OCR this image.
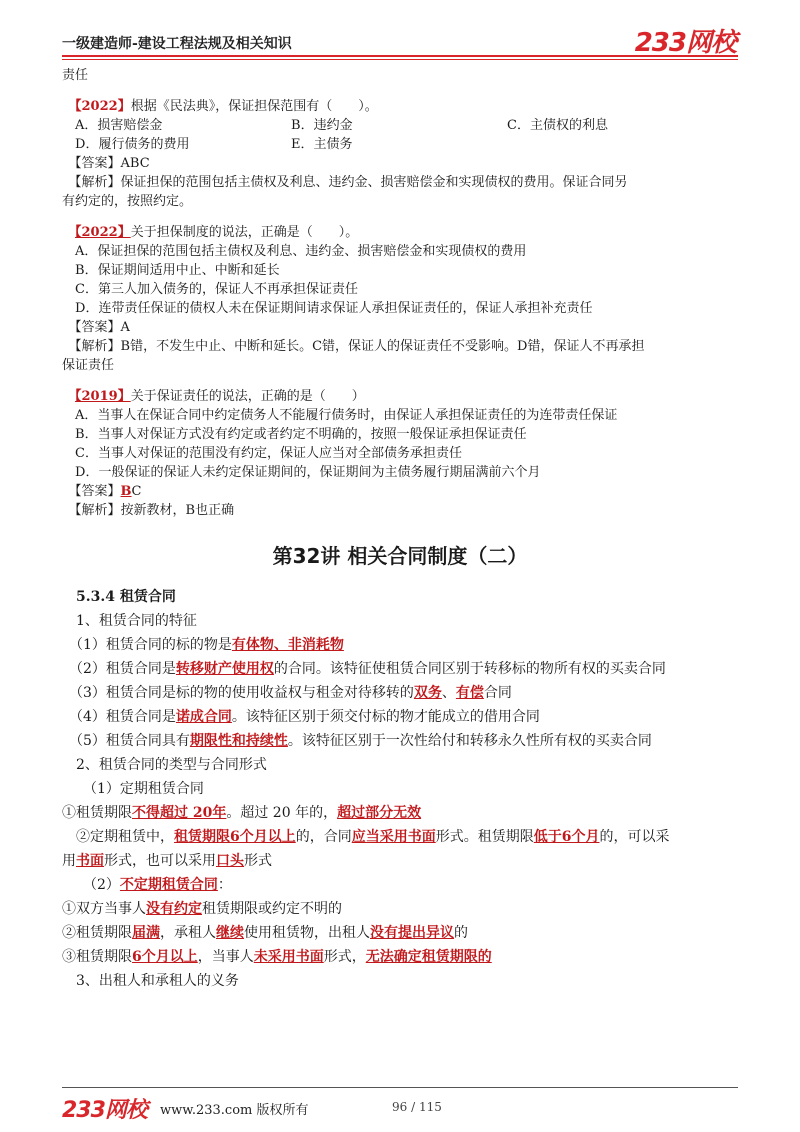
一级建造师-建设工程法规及相关知识	233网校
责任
　【2022】根据《民法典》，保证担保范围有（　　）。

A．损害赔偿金	B．违约金	C．主债权的利息

D．履行债务的费用	E．主债务
　【答案】ABC
　【解析】保证担保的范围包括主债权及利息、违约金、损害赔偿金和实现债权的费用。保证合同另
有约定的，按照约定。
　【2022】关于担保制度的说法，正确是（　　）。
　A．保证担保的范围包括主债权及利息、违约金、损害赔偿金和实现债权的费用
　B．保证期间适用中止、中断和延长
　C．第三人加入债务的，保证人不再承担保证责任
　D．连带责任保证的债权人未在保证期间请求保证人承担保证责任的，保证人承担补充责任
　【答案】A
　【解析】B错，不发生中止、中断和延长。C错，保证人的保证责任不受影响。D错，保证人不再承担
保证责任
　【2019】关于保证责任的说法，正确的是（　　）
　A．当事人在保证合同中约定债务人不能履行债务时，由保证人承担保证责任的为连带责任保证
　B．当事人对保证方式没有约定或者约定不明确的，按照一般保证承担保证责任
　C．当事人对保证的范围没有约定，保证人应当对全部债务承担责任
　D．一般保证的保证人未约定保证期间的，保证期间为主债务履行期届满前六个月
　【答案】BC
　【解析】按新教材，B也正确
第32讲 相关合同制度（二）
　5.3.4 租赁合同
　1、租赁合同的特征
　（1）租赁合同的标的物是有体物、非消耗物
　（2）租赁合同是转移财产使用权的合同。该特征使租赁合同区别于转移标的物所有权的买卖合同
　（3）租赁合同是标的物的使用收益权与租金对待移转的双务、有偿合同
　（4）租赁合同是诺成合同。该特征区别于须交付标的物才能成立的借用合同
　（5）租赁合同具有期限性和持续性。该特征区别于一次性给付和转移永久性所有权的买卖合同
　2、租赁合同的类型与合同形式
　　（1）定期租赁合同
①租赁期限不得超过 20年。超过 20 年的，超过部分无效
　②定期租赁中，租赁期限6个月以上的，合同应当采用书面形式。租赁期限低于6个月的，可以采
用书面形式，也可以采用口头形式
　　（2）不定期租赁合同：
①双方当事人没有约定租赁期限或约定不明的
②租赁期限届满，承租人继续使用租赁物，出租人没有提出异议的
③租赁期限6个月以上，当事人未采用书面形式，无法确定租赁期限的
　3、出租人和承租人的义务
233网校 www.233.com 版权所有	96 / 115
